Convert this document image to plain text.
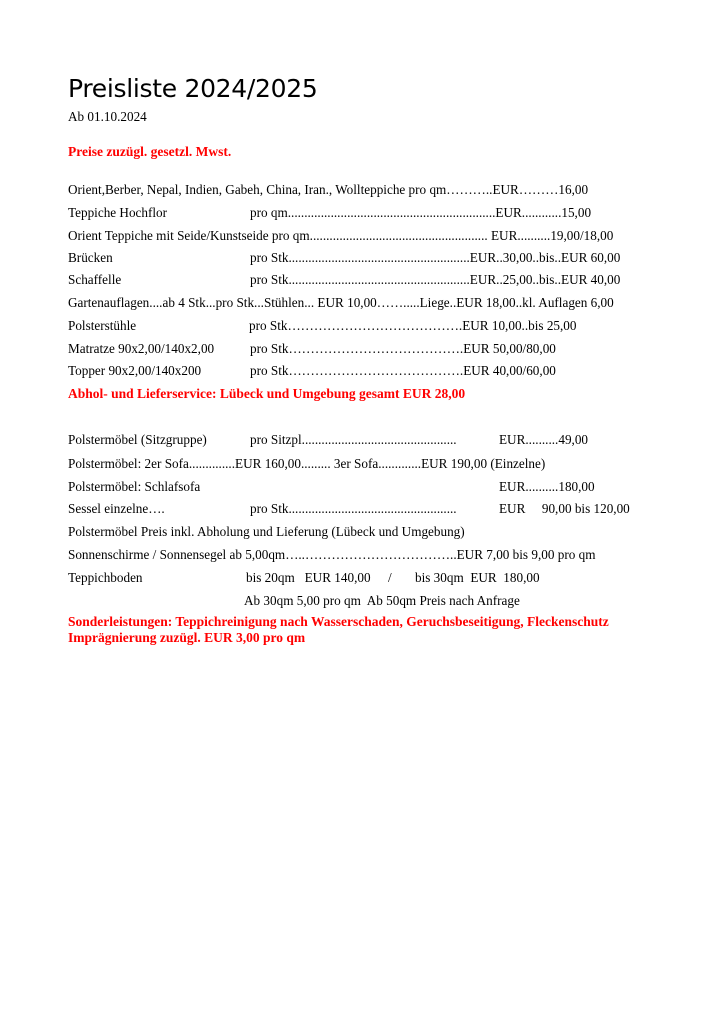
Preisliste 2024/2025
Ab 01.10.2024
Preise zuzügl. gesetzl. Mwst.
Orient,Berber, Nepal, Indien, Gabeh, China, Iran., Wollteppiche pro qm………..EUR………16,00
Teppiche Hochflor	pro qm...............................................................EUR............15,00
Orient Teppiche mit Seide/Kunstseide pro qm...................................................... EUR..........19,00/18,00
Brücken	pro Stk.......................................................EUR..30,00..bis..EUR 60,00
Schaffelle	pro Stk.......................................................EUR..25,00..bis..EUR 40,00
Gartenauflagen....ab 4 Stk...pro Stk...Stühlen... EUR 10,00…….....Liege..EUR 18,00..kl. Auflagen 6,00
Polsterstühle	pro Stk………………………………….EUR 10,00..bis 25,00
Matratze 90x2,00/140x2,00	pro Stk………………………………….EUR 50,00/80,00
Topper 90x2,00/140x200	pro Stk………………………………….EUR 40,00/60,00
Abhol- und Lieferservice: Lübeck und Umgebung gesamt EUR 28,00
Polstermöbel (Sitzgruppe)	pro Sitzpl...............................................	EUR..........49,00
Polstermöbel: 2er Sofa..............EUR 160,00......... 3er Sofa.............EUR 190,00 (Einzelne)
Polstermöbel: Schlafsofa	EUR..........180,00
Sessel einzelne….	pro Stk...................................................	EUR     90,00 bis 120,00
Polstermöbel Preis inkl. Abholung und Lieferung (Lübeck und Umgebung)
Sonnenschirme / Sonnensegel ab 5,00qm…..……………………………..EUR 7,00 bis 9,00 pro qm
Teppichboden	bis 20qm   EUR 140,00 / bis 30qm  EUR  180,00
Ab 30qm 5,00 pro qm  Ab 50qm Preis nach Anfrage
Sonderleistungen: Teppichreinigung nach Wasserschaden, Geruchsbeseitigung, Fleckenschutz
Imprägnierung zuzügl. EUR 3,00 pro qm
